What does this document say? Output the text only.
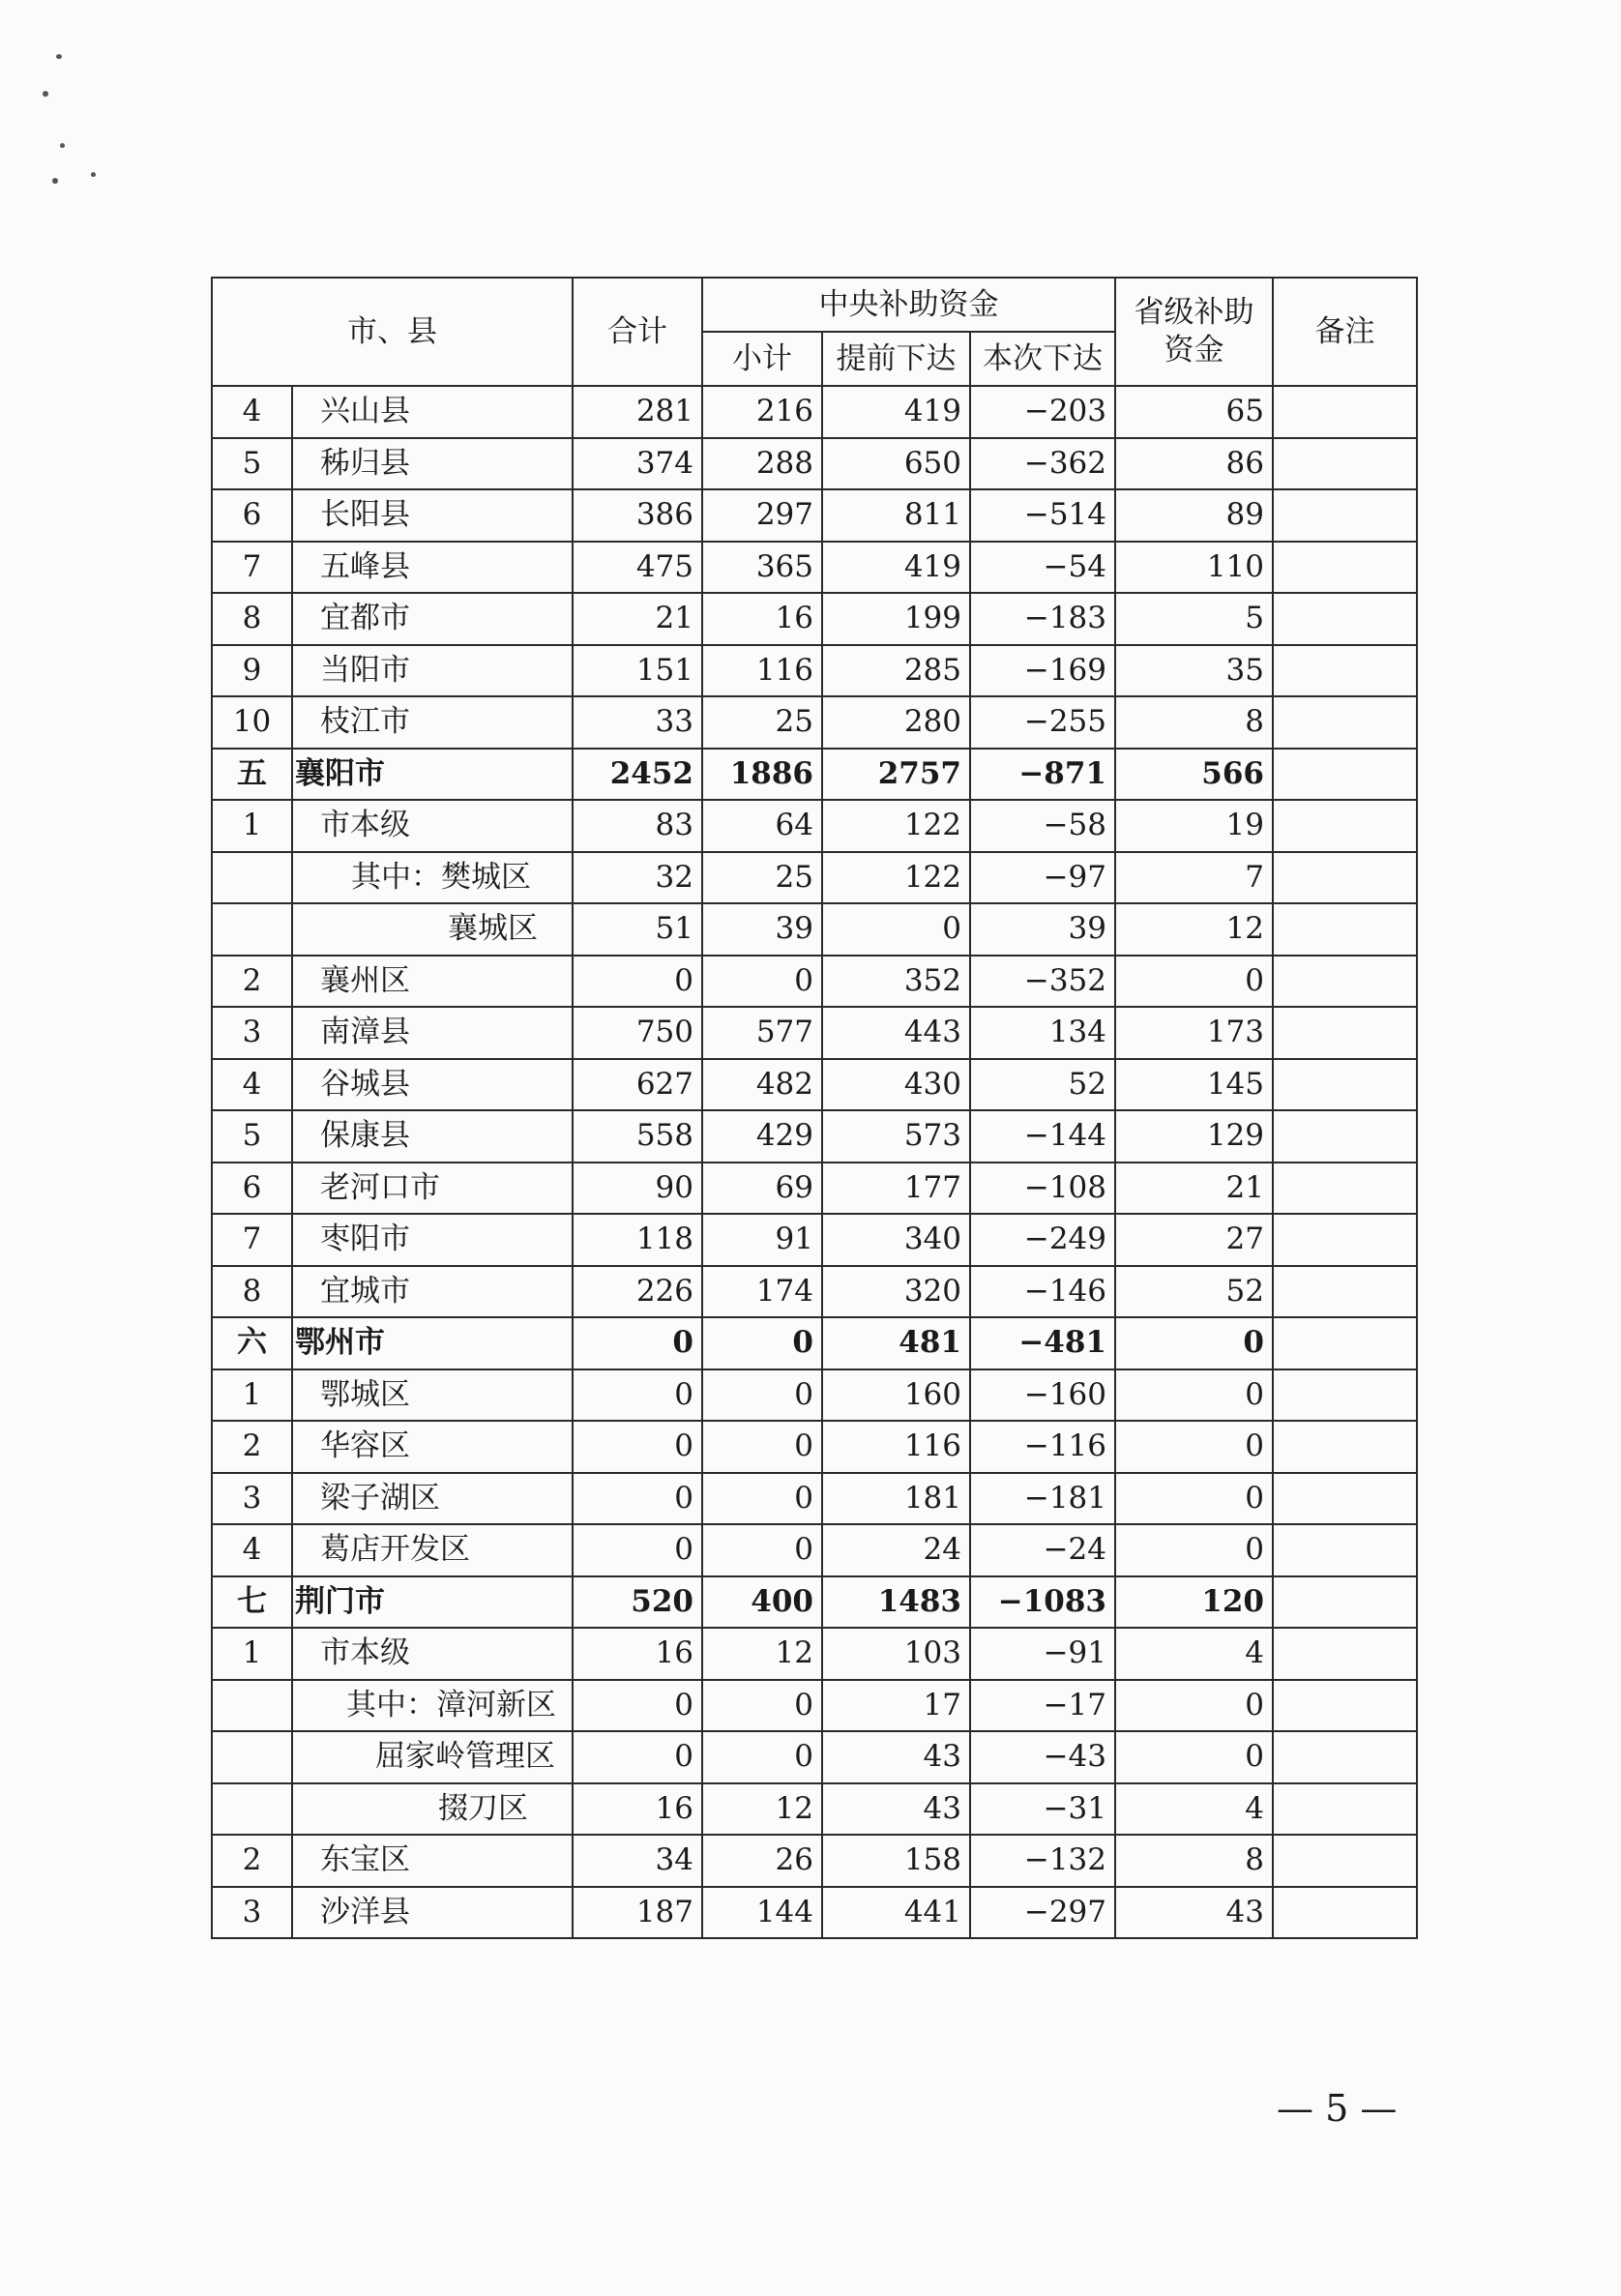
市、县		合计	中央补助资金			省级补助资金	备注
			小计	提前下达	本次下达		
4	兴山县	281	216	419	−203	65	
5	秭归县	374	288	650	−362	86	
6	长阳县	386	297	811	−514	89	
7	五峰县	475	365	419	−54	110	
8	宜都市	21	16	199	−183	5	
9	当阳市	151	116	285	−169	35	
10	枝江市	33	25	280	−255	8	
五	襄阳市	2452	1886	2757	−871	566	
1	市本级	83	64	122	−58	19	
	其中：樊城区	32	25	122	−97	7	
	襄城区	51	39	0	39	12	
2	襄州区	0	0	352	−352	0	
3	南漳县	750	577	443	134	173	
4	谷城县	627	482	430	52	145	
5	保康县	558	429	573	−144	129	
6	老河口市	90	69	177	−108	21	
7	枣阳市	118	91	340	−249	27	
8	宜城市	226	174	320	−146	52	
六	鄂州市	0	0	481	−481	0	
1	鄂城区	0	0	160	−160	0	
2	华容区	0	0	116	−116	0	
3	梁子湖区	0	0	181	−181	0	
4	葛店开发区	0	0	24	−24	0	
七	荆门市	520	400	1483	−1083	120	
1	市本级	16	12	103	−91	4	
	其中：漳河新区	0	0	17	−17	0	
	屈家岭管理区	0	0	43	−43	0	
	掇刀区	16	12	43	−31	4	
2	东宝区	34	26	158	−132	8	
3	沙洋县	187	144	441	−297	43	
— 5 —
